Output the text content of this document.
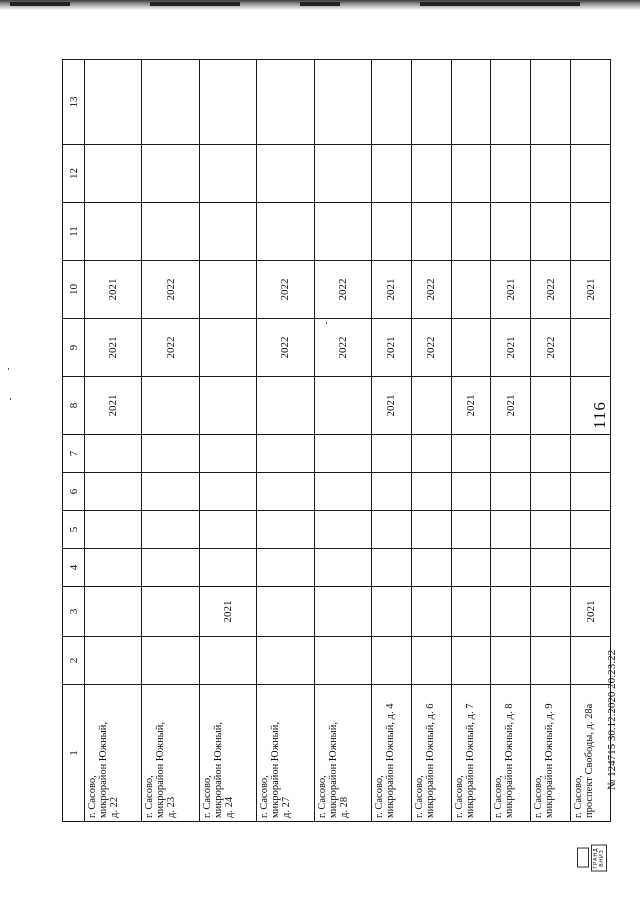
116
1	2	3	4	5	6	7	8	9	10	11	12	13
г. Сасово,
микрорайон Южный,
д. 22							2021	2021	2021			
г. Сасово,
микрорайон Южный,
д. 23								2022	2022			
г. Сасово,
микрорайон Южный,
д. 24		2021										
г. Сасово,
микрорайон Южный,
д. 27								2022	2022			
г. Сасово,
микрорайон Южный,
д. 28								2022	2022			
г. Сасово,
микрорайон Южный, д. 4							2021	2021	2021			
г. Сасово,
микрорайон Южный, д. 6								2022	2022			
г. Сасово,
микрорайон Южный, д. 7							2021					
г. Сасово,
микрорайон Южный, д. 8							2021	2021	2021			
г. Сасово,
микрорайон Южный, д. 9								2022	2022			
г. Сасово,
проспект Свободы, д. 28а		2021							2021			
ГРАНД
ВНИЗ
№ 124715 30.12.2020 20:23:22
